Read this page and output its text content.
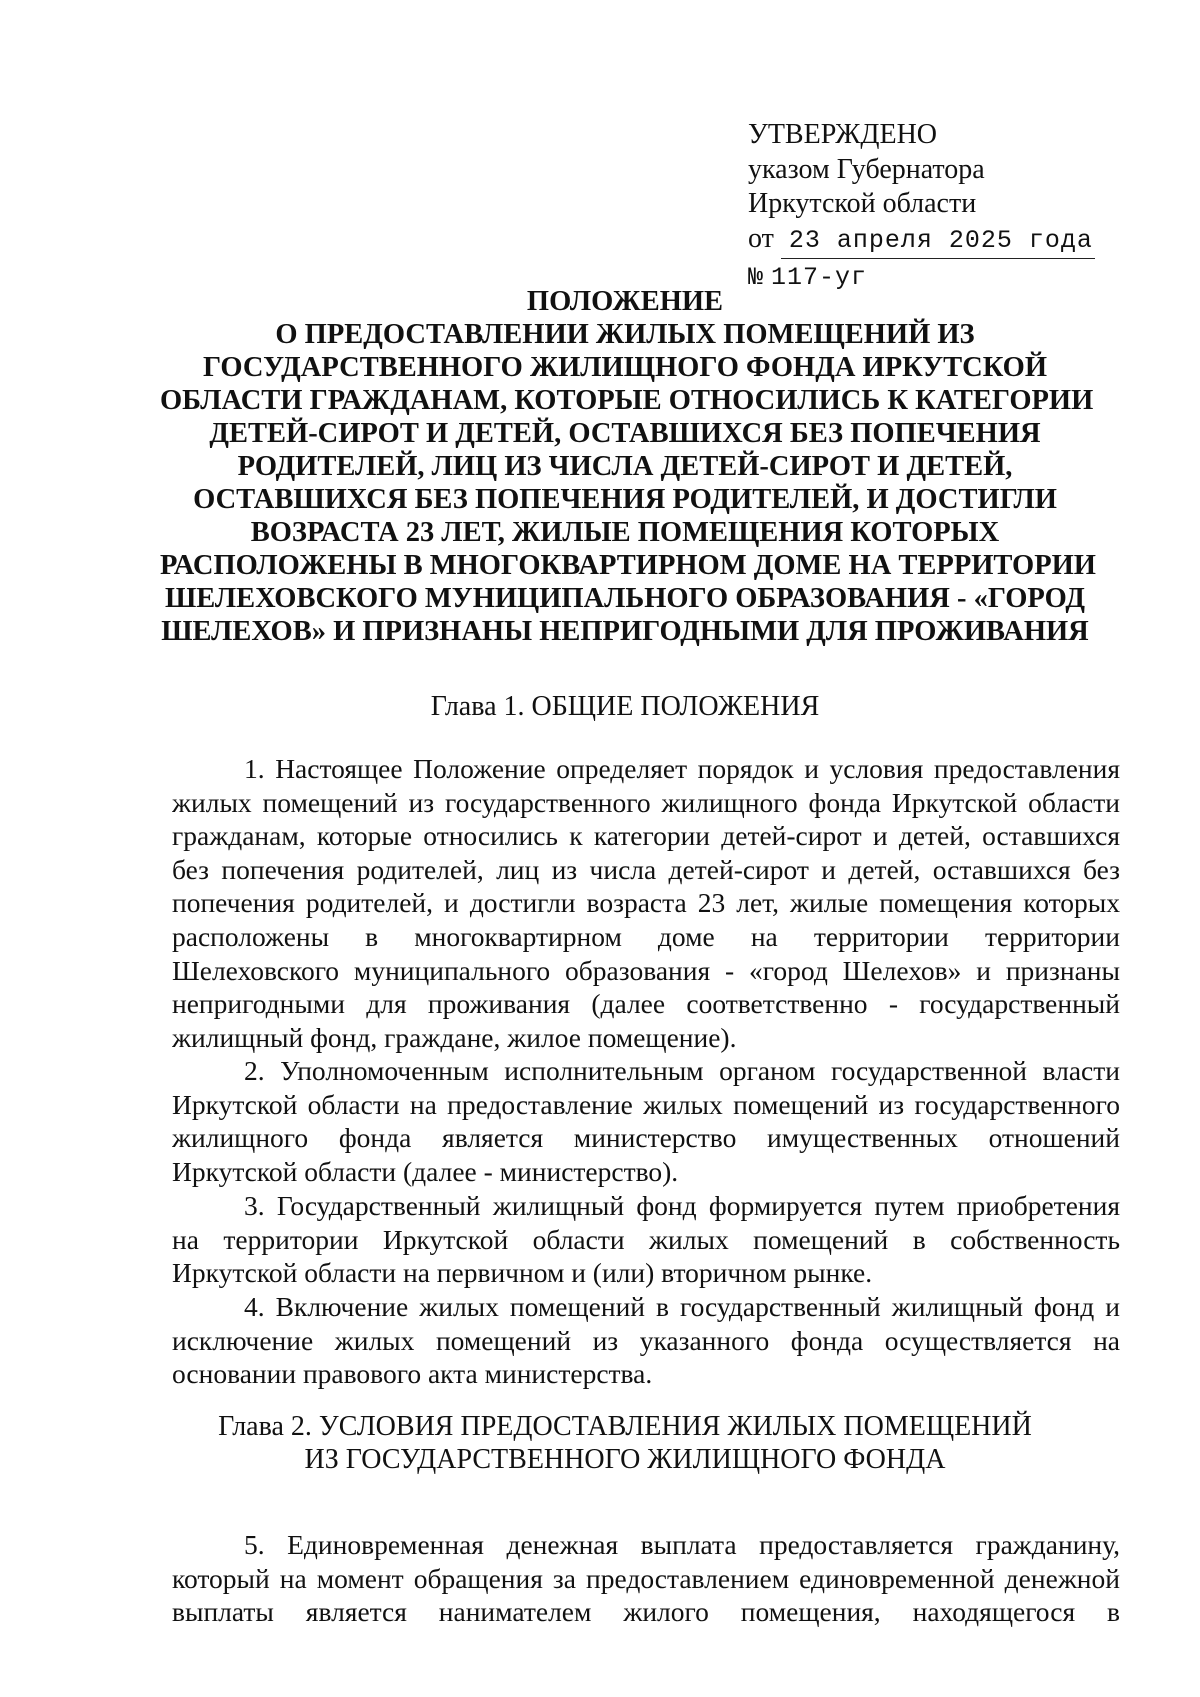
УТВЕРЖДЕНО
указом Губернатора
Иркутской области
от 23 апреля 2025 года
№ 117-уг
ПОЛОЖЕНИЕ
О ПРЕДОСТАВЛЕНИИ ЖИЛЫХ ПОМЕЩЕНИЙ ИЗ
ГОСУДАРСТВЕННОГО ЖИЛИЩНОГО ФОНДА ИРКУТСКОЙ
ОБЛАСТИ ГРАЖДАНАМ, КОТОРЫЕ ОТНОСИЛИСЬ К КАТЕГОРИИ
ДЕТЕЙ-СИРОТ И ДЕТЕЙ, ОСТАВШИХСЯ БЕЗ ПОПЕЧЕНИЯ
РОДИТЕЛЕЙ, ЛИЦ ИЗ ЧИСЛА ДЕТЕЙ-СИРОТ И ДЕТЕЙ,
ОСТАВШИХСЯ БЕЗ ПОПЕЧЕНИЯ РОДИТЕЛЕЙ, И ДОСТИГЛИ
ВОЗРАСТА 23 ЛЕТ, ЖИЛЫЕ ПОМЕЩЕНИЯ КОТОРЫХ
РАСПОЛОЖЕНЫ В МНОГОКВАРТИРНОМ ДОМЕ НА ТЕРРИТОРИИ
ШЕЛЕХОВСКОГО МУНИЦИПАЛЬНОГО ОБРАЗОВАНИЯ - «ГОРОД
ШЕЛЕХОВ» И ПРИЗНАНЫ НЕПРИГОДНЫМИ ДЛЯ ПРОЖИВАНИЯ
Глава 1. ОБЩИЕ ПОЛОЖЕНИЯ
1. Настоящее Положение определяет порядок и условия предоставления
жилых помещений из государственного жилищного фонда Иркутской области
гражданам, которые относились к категории детей-сирот и детей, оставшихся
без попечения родителей, лиц из числа детей-сирот и детей, оставшихся без
попечения родителей, и достигли возраста 23 лет, жилые помещения которых
расположены в многоквартирном доме на территории территории
Шелеховского муниципального образования - «город Шелехов» и признаны
непригодными для проживания (далее соответственно - государственный
жилищный фонд, граждане, жилое помещение).
2. Уполномоченным исполнительным органом государственной власти
Иркутской области на предоставление жилых помещений из государственного
жилищного фонда является министерство имущественных отношений
Иркутской области (далее - министерство).
3. Государственный жилищный фонд формируется путем приобретения
на территории Иркутской области жилых помещений в собственность
Иркутской области на первичном и (или) вторичном рынке.
4. Включение жилых помещений в государственный жилищный фонд и
исключение жилых помещений из указанного фонда осуществляется на
основании правового акта министерства.
Глава 2. УСЛОВИЯ ПРЕДОСТАВЛЕНИЯ ЖИЛЫХ ПОМЕЩЕНИЙ
ИЗ ГОСУДАРСТВЕННОГО ЖИЛИЩНОГО ФОНДА
5. Единовременная денежная выплата предоставляется гражданину,
который на момент обращения за предоставлением единовременной денежной
выплаты является нанимателем жилого помещения, находящегося в
